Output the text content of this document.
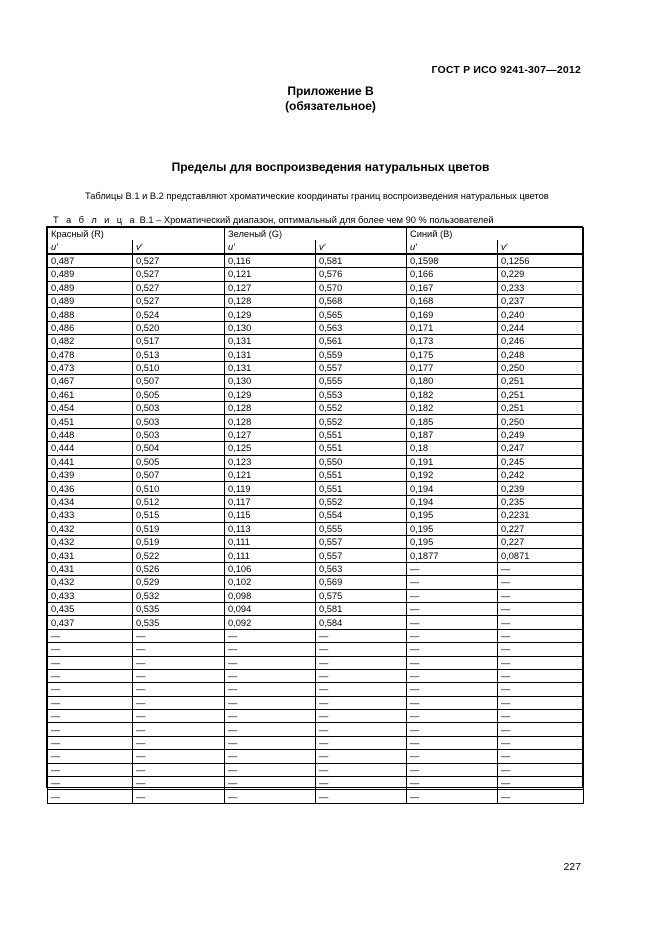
ГОСТ Р ИСО 9241-307—2012
Приложение В
(обязательное)
Пределы для воспроизведения натуральных цветов
Таблицы В.1 и В.2 представляют хроматические координаты границ воспроизведения натуральных цветов
Т а б л и ц а В.1 – Хроматический диапазон, оптимальный для более чем 90 % пользователей
Красный (R)		Зеленый (G)		Синий (B)	
u′	v′	u′	v′	u′	v′
0,487	0,527	0,116	0,581	0,1598	0,1256
0,489	0,527	0,121	0,576	0,166	0,229
0,489	0,527	0,127	0,570	0,167	0,233
0,489	0,527	0,128	0,568	0,168	0,237
0,488	0,524	0,129	0,565	0,169	0,240
0,486	0,520	0,130	0,563	0,171	0,244
0,482	0,517	0,131	0,561	0,173	0,246
0,478	0,513	0,131	0,559	0,175	0,248
0,473	0,510	0,131	0,557	0,177	0,250
0,467	0,507	0,130	0,555	0,180	0,251
0,461	0,505	0,129	0,553	0,182	0,251
0,454	0,503	0,128	0,552	0,182	0,251
0,451	0,503	0,128	0,552	0,185	0,250
0,448	0,503	0,127	0,551	0,187	0,249
0,444	0,504	0,125	0,551	0,18	0,247
0,441	0,505	0,123	0,550	0,191	0,245
0,439	0,507	0,121	0,551	0,192	0,242
0,436	0,510	0,119	0,551	0,194	0,239
0,434	0,512	0,117	0,552	0,194	0,235
0,433	0,515	0,115	0,554	0,195	0,2231
0,432	0,519	0,113	0,555	0,195	0,227
0,432	0,519	0,111	0,557	0,195	0,227
0,431	0,522	0,111	0,557	0,1877	0,0871
0,431	0,526	0,106	0,563	—	—
0,432	0,529	0,102	0,569	—	—
0,433	0,532	0,098	0,575	—	—
0,435	0,535	0,094	0,581	—	—
0,437	0,535	0,092	0,584	—	—
—	—	—	—	—	—
—	—	—	—	—	—
—	—	—	—	—	—
—	—	—	—	—	—
—	—	—	—	—	—
—	—	—	—	—	—
—	—	—	—	—	—
—	—	—	—	—	—
—	—	—	—	—	—
—	—	—	—	—	—
—	—	—	—	—	—
—	—	—	—	—	—
—	—	—	—	—	—
227
